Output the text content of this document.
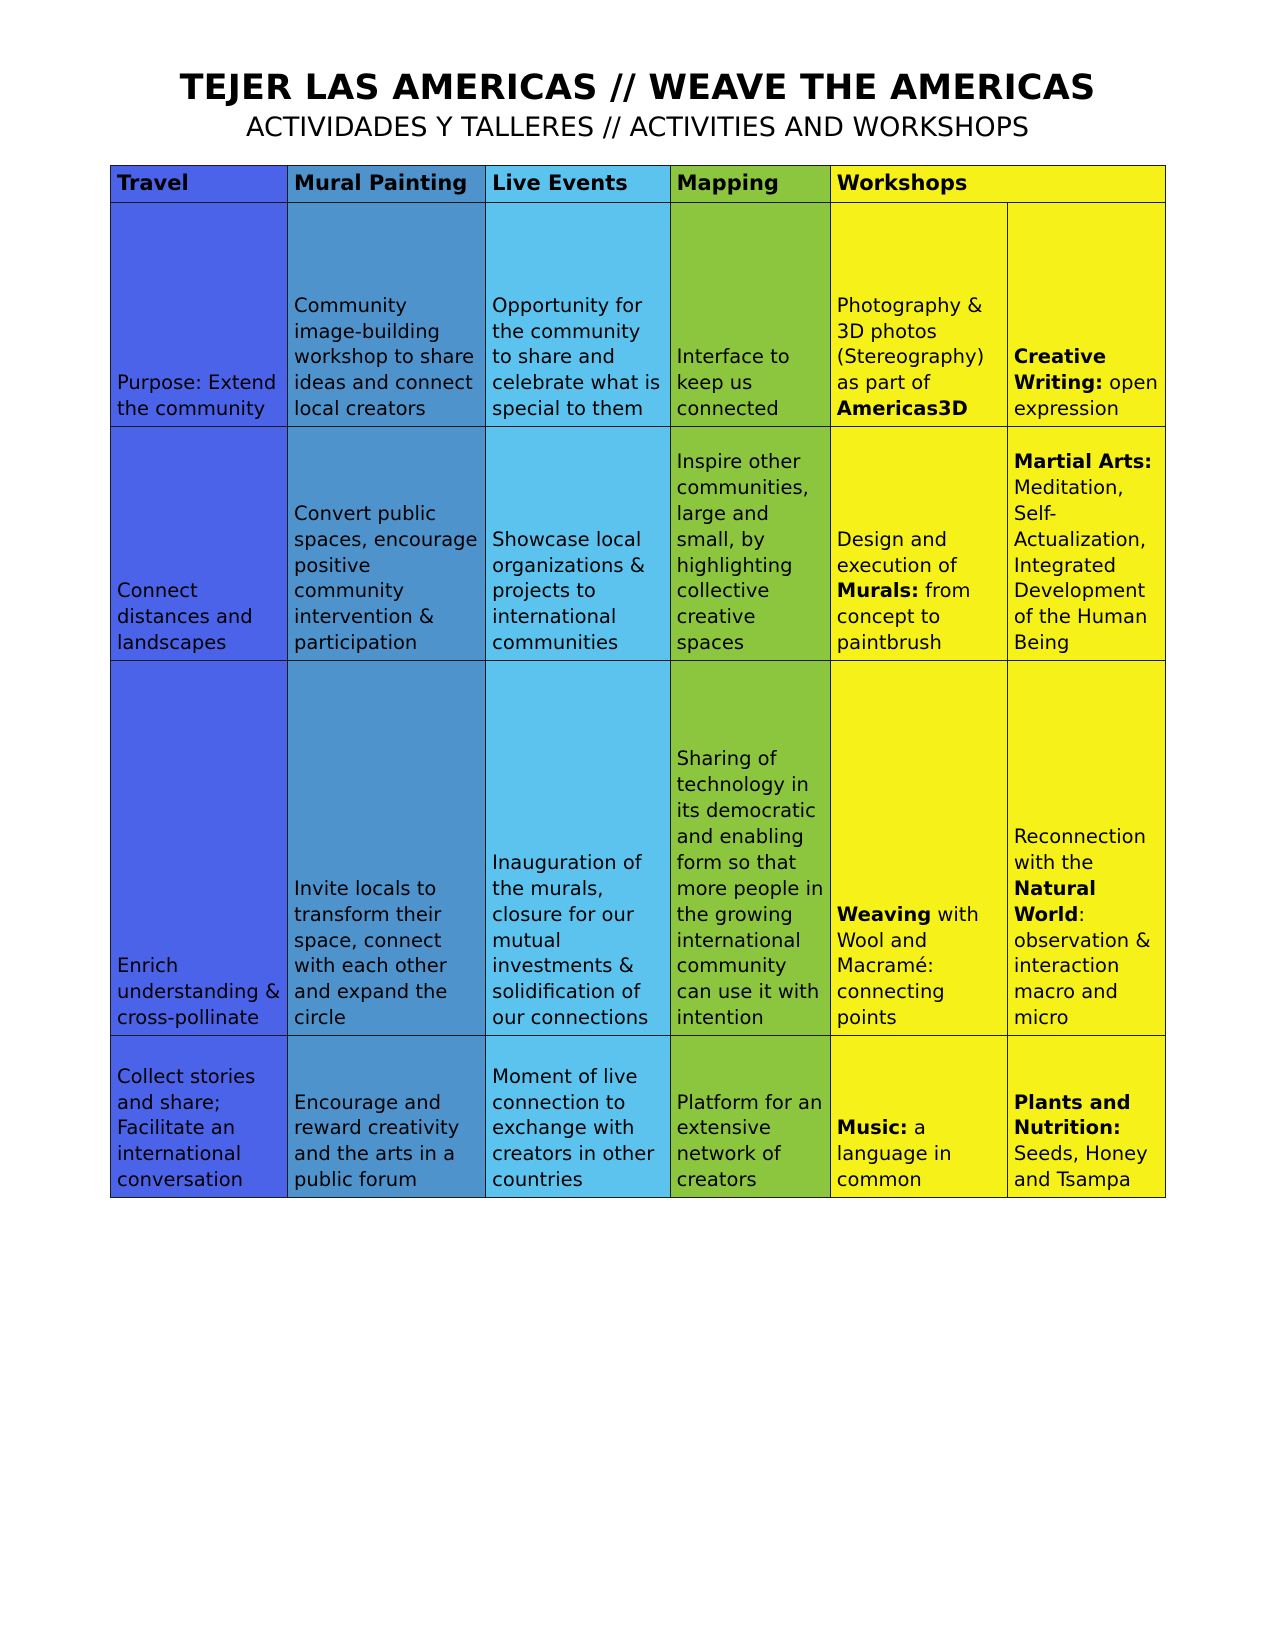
TEJER LAS AMERICAS // WEAVE THE AMERICAS
ACTIVIDADES Y TALLERES // ACTIVITIES AND WORKSHOPS
Travel	Mural Painting	Live Events	Mapping	Workshops	
Purpose: Extend the community	Community image-building workshop to share ideas and connect local creators	Opportunity for the community to share and celebrate what is special to them	Interface to keep us connected	Photography & 3D photos (Stereography) as part of Americas3D	Creative Writing: open expression
Connect distances and landscapes	Convert public spaces, encourage positive community intervention & participation	Showcase local organizations & projects to international communities	Inspire other communities, large and small, by highlighting collective creative spaces	Design and execution of Murals: from concept to paintbrush	Martial Arts: Meditation, Self-Actualization, Integrated Development of the Human Being
Enrich understanding & cross-pollinate	Invite locals to transform their space, connect with each other and expand the circle	Inauguration of the murals, closure for our mutual investments & solidification of our connections	Sharing of technology in its democratic and enabling form so that more people in the growing international community can use it with intention	Weaving with Wool and Macramé: connecting points	Reconnection with the Natural World: observation & interaction macro and micro
Collect stories and share; Facilitate an international conversation	Encourage and reward creativity and the arts in a public forum	Moment of live connection to exchange with creators in other countries	Platform for an extensive network of creators	Music: a language in common	Plants and Nutrition: Seeds, Honey and Tsampa
